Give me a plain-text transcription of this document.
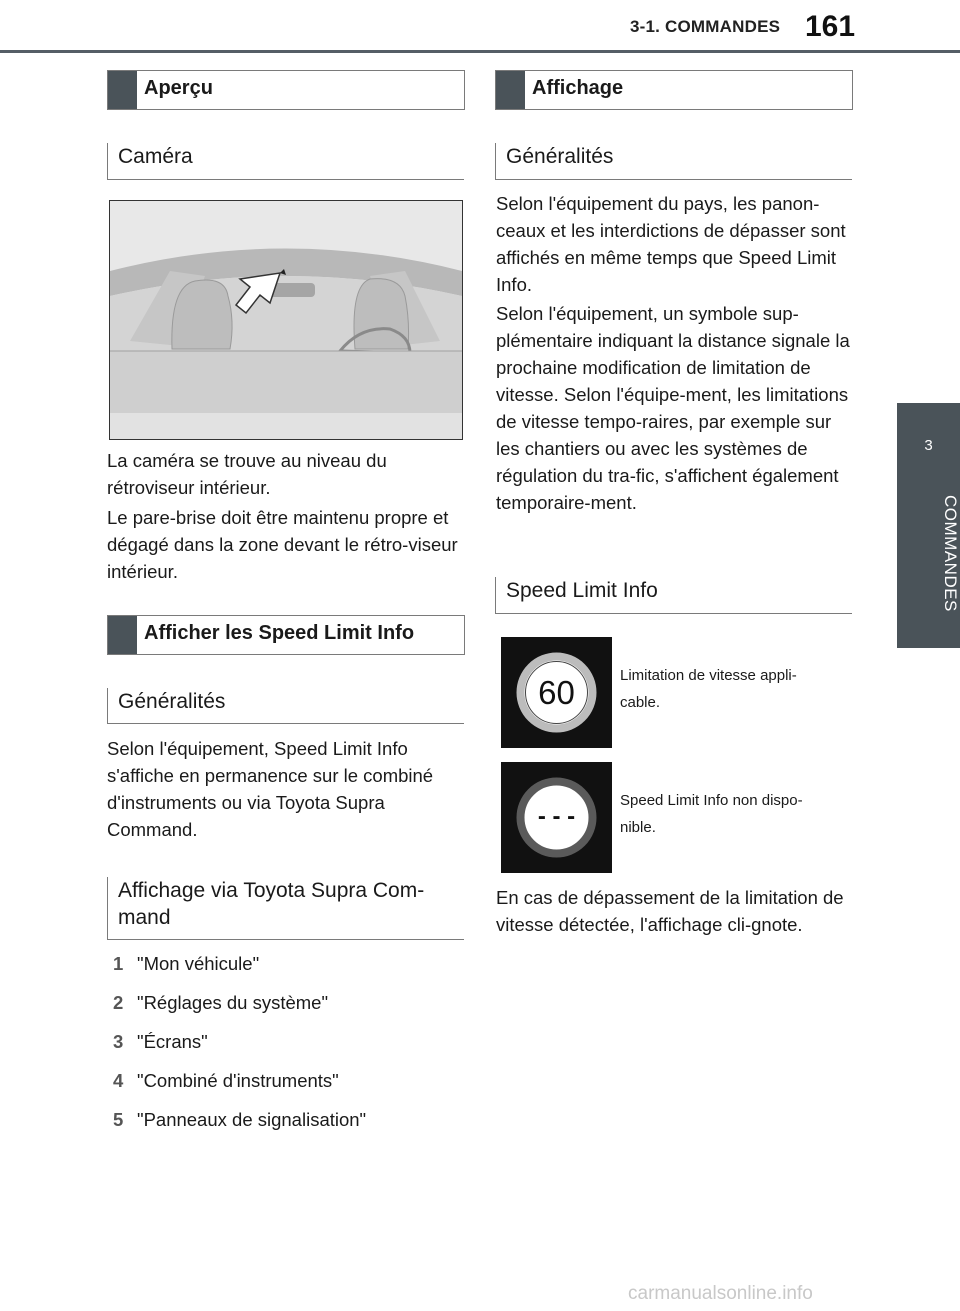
3-1. COMMANDES 161
3
COMMANDES
Aperçu
Caméra

La caméra se trouve au niveau du rétroviseur intérieur.

Le pare-brise doit être maintenu propre et dégagé dans la zone devant le rétro-viseur intérieur.

Afficher les Speed Limit Info
Généralités

Selon l'équipement, Speed Limit Info s'affiche en permanence sur le combiné d'instruments ou via Toyota Supra Command.

Affichage via Toyota Supra Com-mand
1 "Mon véhicule"
2 "Réglages du système"
3 "Écrans"
4 "Combiné d'instruments"
5 "Panneaux de signalisation"
Affichage
Généralités

Selon l'équipement du pays, les panon-ceaux et les interdictions de dépasser sont affichés en même temps que Speed Limit Info.

Selon l'équipement, un symbole sup-plémentaire indiquant la distance signale la prochaine modification de limitation de vitesse. Selon l'équipe-ment, les limitations de vitesse tempo-raires, par exemple sur les chantiers ou avec les systèmes de régulation du tra-fic, s'affichent également temporaire-ment.

Speed Limit Info
60	Limitation de vitesse appli-cable.
- - -
Speed Limit Info non dispo-nible.

En cas de dépassement de la limitation de vitesse détectée, l'affichage cli-gnote.

carmanualsonline.info
